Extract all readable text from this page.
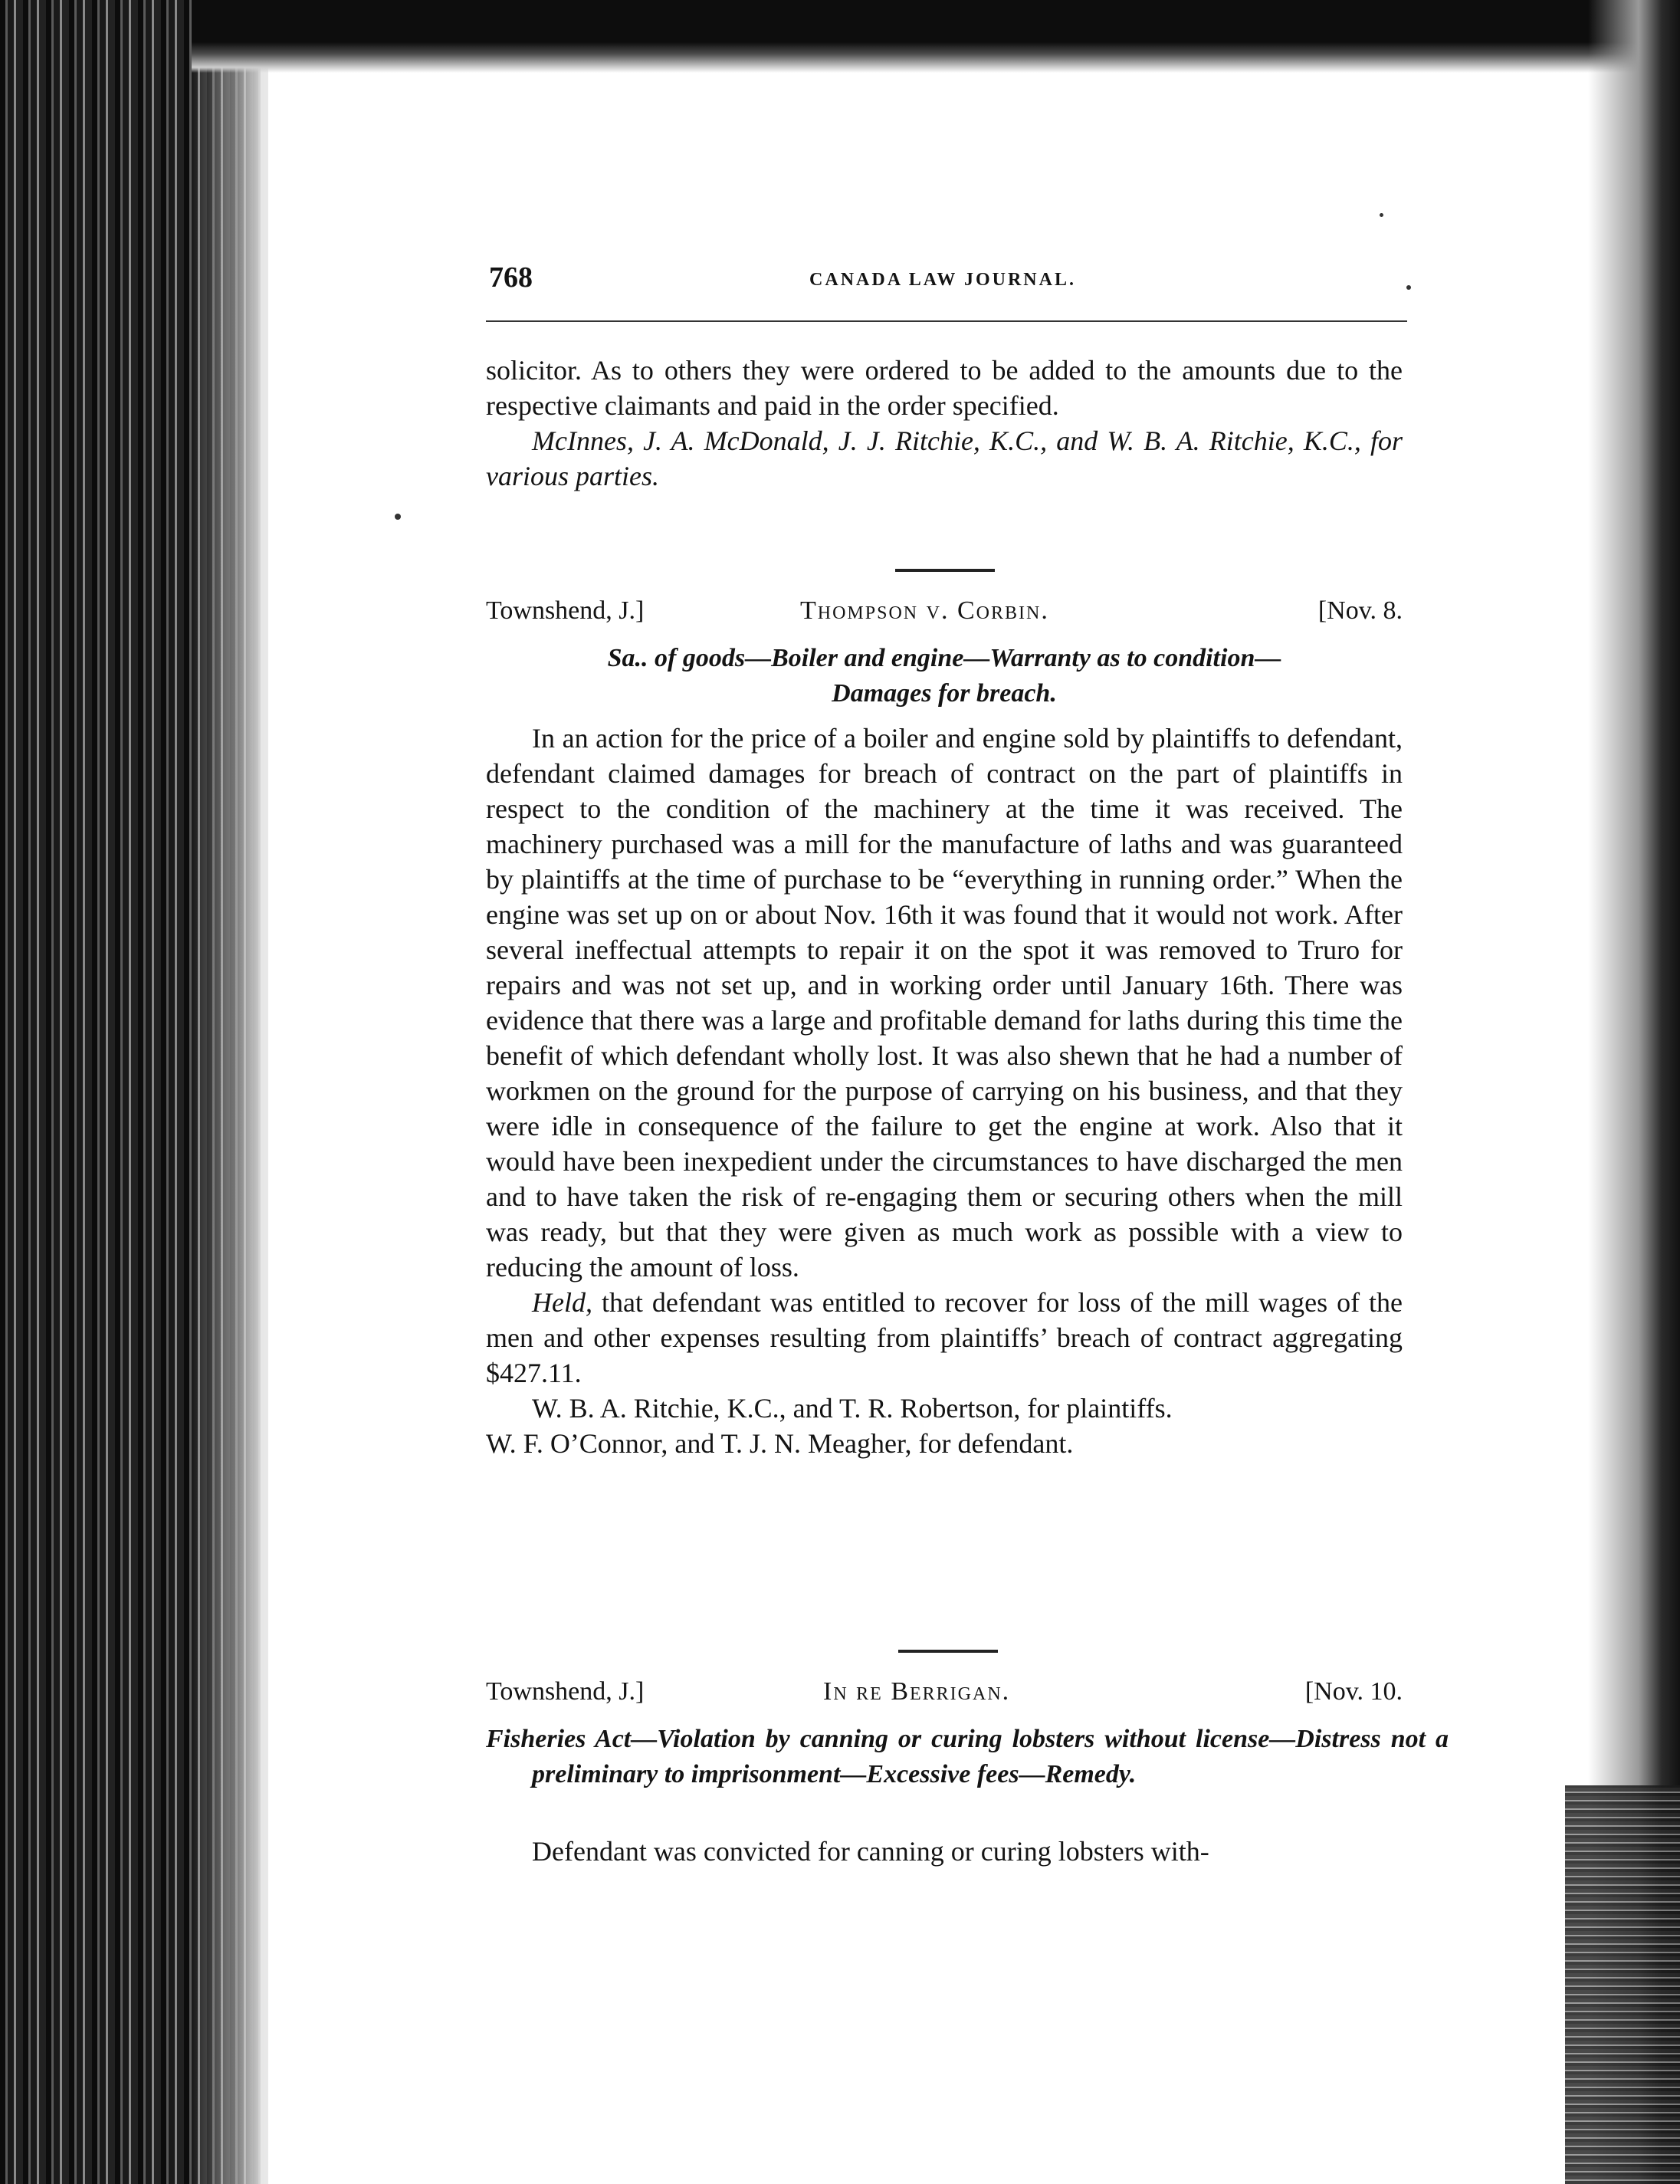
768	CANADA LAW JOURNAL.

solicitor. As to others they were ordered to be added to the amounts due to the respective claimants and paid in the order specified.

McInnes, J. A. McDonald, J. J. Ritchie, K.C., and W. B. A. Ritchie, K.C., for various parties.

Townshend, J.]	Thompson v. Corbin.	[Nov. 8.
Sa.. of goods—Boiler and engine—Warranty as to condition—
Damages for breach.

In an action for the price of a boiler and engine sold by plaintiffs to defendant, defendant claimed damages for breach of contract on the part of plaintiffs in respect to the condition of the machinery at the time it was received. The machinery purchased was a mill for the manufacture of laths and was guaranteed by plaintiffs at the time of purchase to be “everything in running order.” When the engine was set up on or about Nov. 16th it was found that it would not work. After several ineffectual attempts to repair it on the spot it was removed to Truro for repairs and was not set up, and in working order until January 16th. There was evidence that there was a large and profitable demand for laths during this time the benefit of which defendant wholly lost. It was also shewn that he had a number of workmen on the ground for the purpose of carrying on his business, and that they were idle in consequence of the failure to get the engine at work. Also that it would have been inexpedient under the circumstances to have discharged the men and to have taken the risk of re-engaging them or securing others when the mill was ready, but that they were given as much work as possible with a view to reducing the amount of loss.

Held, that defendant was entitled to recover for loss of the mill wages of the men and other expenses resulting from plaintiffs’ breach of contract aggregating $427.11.

W. B. A. Ritchie, K.C., and T. R. Robertson, for plaintiffs.

W. F. O’Connor, and T. J. N. Meagher, for defendant.

Townshend, J.]	In re Berrigan.	[Nov. 10.
Fisheries Act—Violation by canning or curing lobsters without license—Distress not a preliminary to imprisonment—Excessive fees—Remedy.

Defendant was convicted for canning or curing lobsters with-
